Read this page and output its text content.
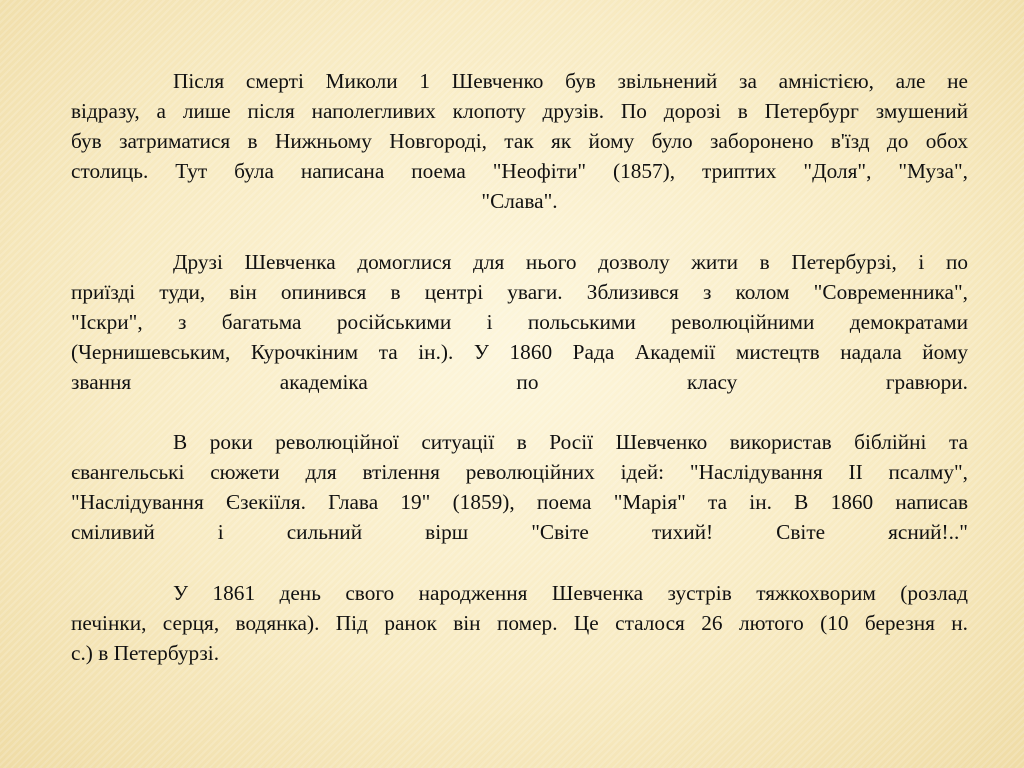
Після смерті Миколи 1 Шевченко був звільнений за амністією, але не
відразу, а лише після наполегливих клопоту друзів. По дорозі в Петербург змушений
був затриматися в Нижньому Новгороді, так як йому було заборонено в'їзд до обох
столиць. Тут була написана поема "Неофіти" (1857), триптих "Доля", "Муза",
"Слава".
Друзі Шевченка домоглися для нього дозволу жити в Петербурзі, і по
приїзді туди, він опинився в центрі уваги. Зблизився з колом "Современника",
"Іскри", з багатьма російськими і польськими революційними демократами
(Чернишевським, Курочкіним та ін.). У 1860 Рада Академії мистецтв надала йому
звання академіка по класу гравюри.
В роки революційної ситуації в Росії Шевченко використав біблійні та
євангельські сюжети для втілення революційних ідей: "Наслідування II псалму",
"Наслідування Єзекіїля. Глава 19" (1859), поема "Марія" та ін. В 1860 написав
сміливий і сильний вірш "Світе тихий! Світе ясний!.."
У 1861 день свого народження Шевченка зустрів тяжкохворим (розлад
печінки, серця, водянка). Під ранок він помер. Це сталося 26 лютого (10 березня н.
с.) в Петербурзі.
